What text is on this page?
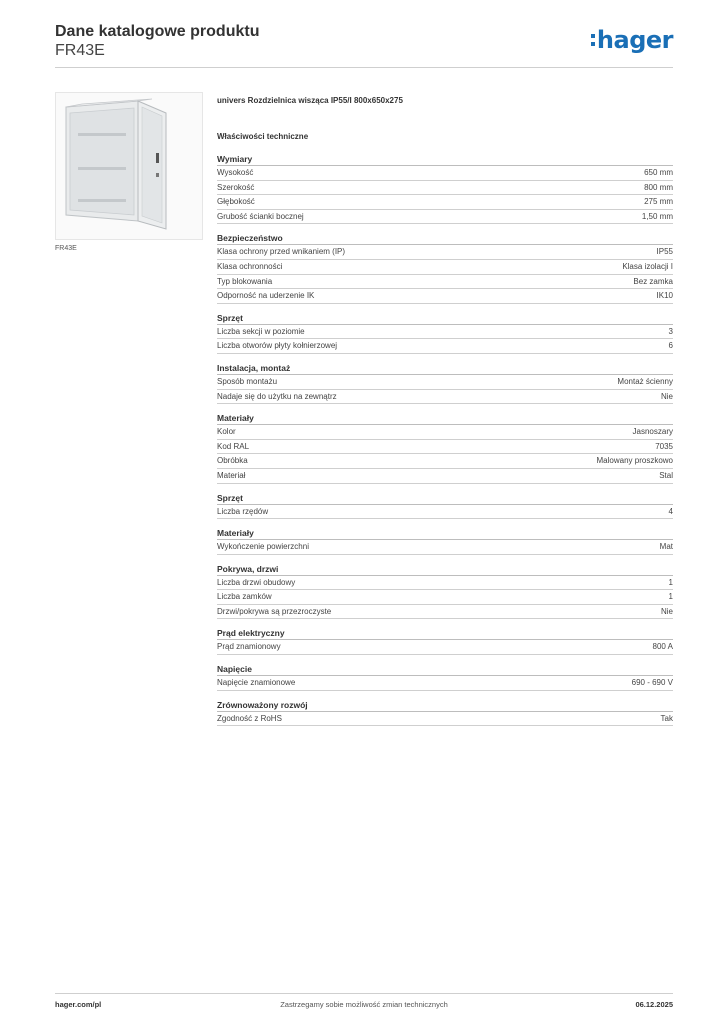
Dane katalogowe produktu
FR43E	hager
FR43E
univers Rozdzielnica wisząca IP55/I 800x650x275
Właściwości techniczne
Wymiary
Wysokość	650 mm
Szerokość	800 mm
Głębokość	275 mm
Grubość ścianki bocznej	1,50 mm
Bezpieczeństwo
Klasa ochrony przed wnikaniem (IP)	IP55
Klasa ochronności	Klasa izolacji I
Typ blokowania	Bez zamka
Odporność na uderzenie IK	IK10
Sprzęt
Liczba sekcji w poziomie	3
Liczba otworów płyty kołnierzowej	6
Instalacja, montaż
Sposób montażu	Montaż ścienny
Nadaje się do użytku na zewnątrz	Nie
Materiały
Kolor	Jasnoszary
Kod RAL	7035
Obróbka	Malowany proszkowo
Materiał	Stal
Sprzęt
Liczba rzędów	4
Materiały
Wykończenie powierzchni	Mat
Pokrywa, drzwi
Liczba drzwi obudowy	1
Liczba zamków	1
Drzwi/pokrywa są przezroczyste	Nie
Prąd elektryczny
Prąd znamionowy	800 A
Napięcie
Napięcie znamionowe	690 - 690 V
Zrównoważony rozwój
Zgodność z RoHS	Tak
hager.com/pl	Zastrzegamy sobie możliwość zmian technicznych	06.12.2025
